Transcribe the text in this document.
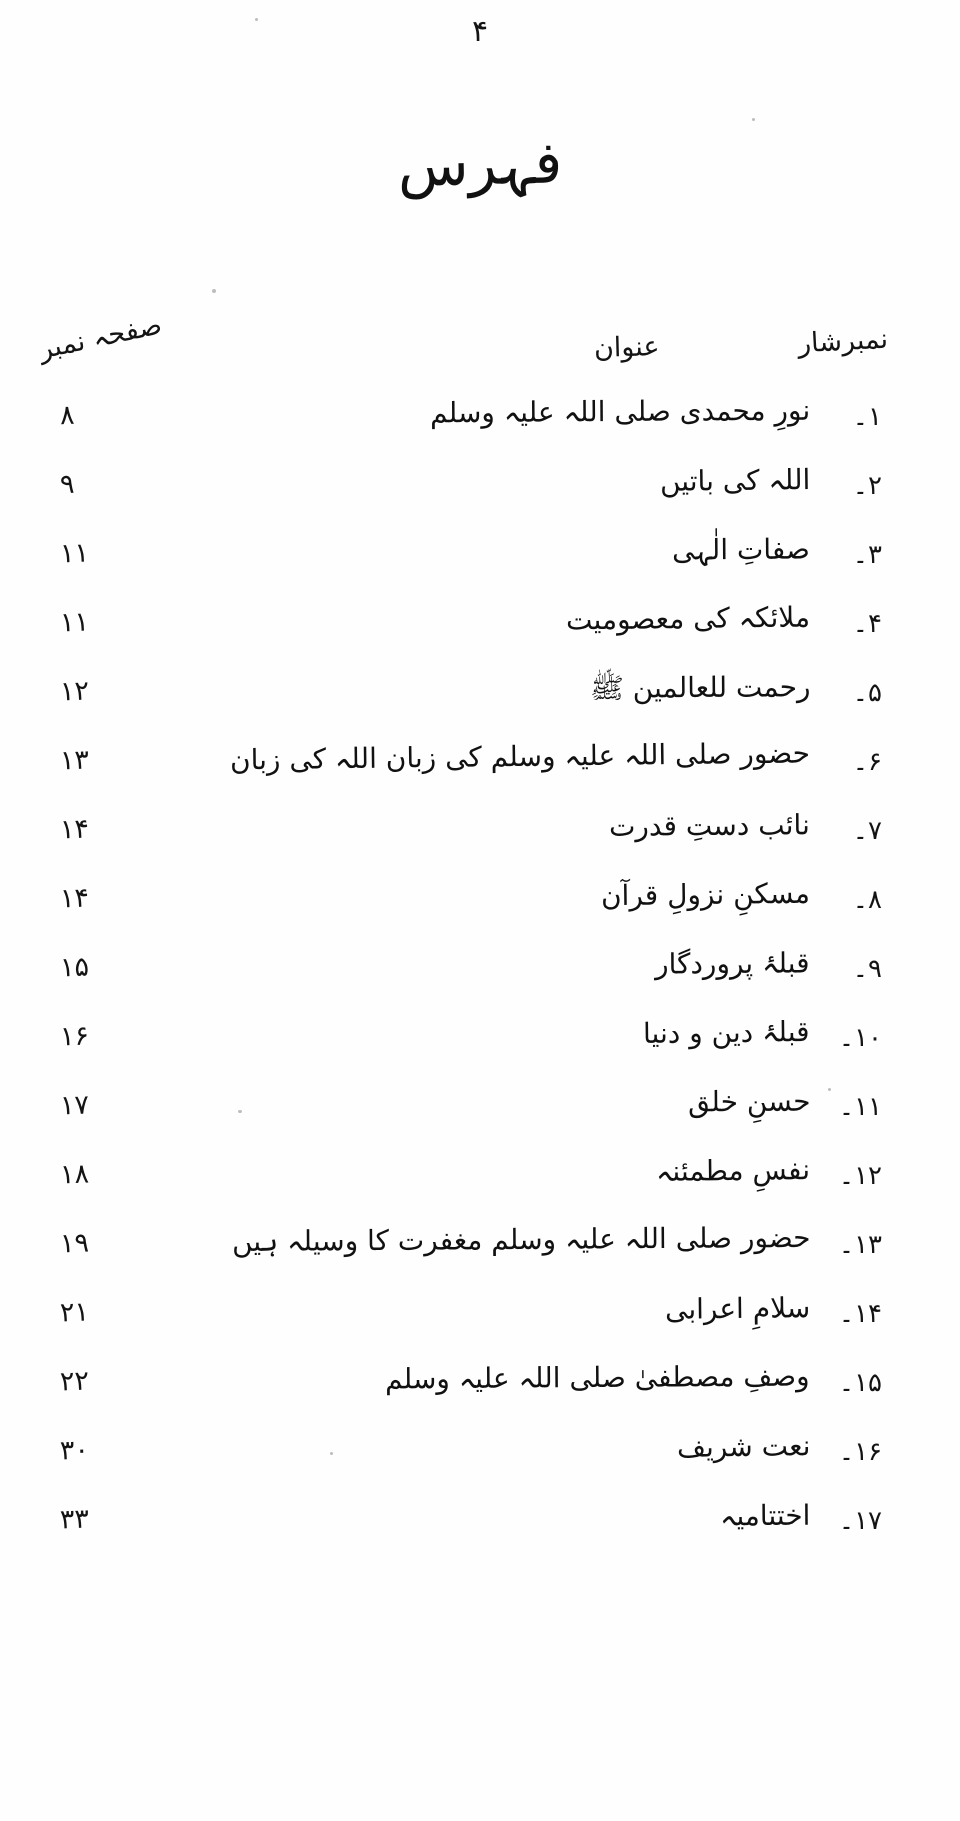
۴
فہرس
نمبرشار
عنوان
صفحہ نمبر
۱۔
نورِ محمدی صلی اللہ علیہ وسلم
۸
۲۔
اللہ کی باتیں
۹
۳۔
صفاتِ الٰہی
۱۱
۴۔
ملائکہ کی معصومیت
۱۱
۵۔
رحمت للعالمین ﷺ
۱۲
۶۔
حضور صلی اللہ علیہ وسلم کی زبان اللہ کی زبان
۱۳
۷۔
نائب دستِ قدرت
۱۴
۸۔
مسکنِ نزولِ قرآن
۱۴
۹۔
قبلۂ پروردگار
۱۵
۱۰۔
قبلۂ دین و دنیا
۱۶
۱۱۔
حسنِ خلق
۱۷
۱۲۔
نفسِ مطمئنہ
۱۸
۱۳۔
حضور صلی اللہ علیہ وسلم مغفرت کا وسیلہ ہیں
۱۹
۱۴۔
سلامِ اعرابی
۲۱
۱۵۔
وصفِ مصطفیٰ صلی اللہ علیہ وسلم
۲۲
۱۶۔
نعت شریف
۳۰
۱۷۔
اختتامیہ
۳۳
